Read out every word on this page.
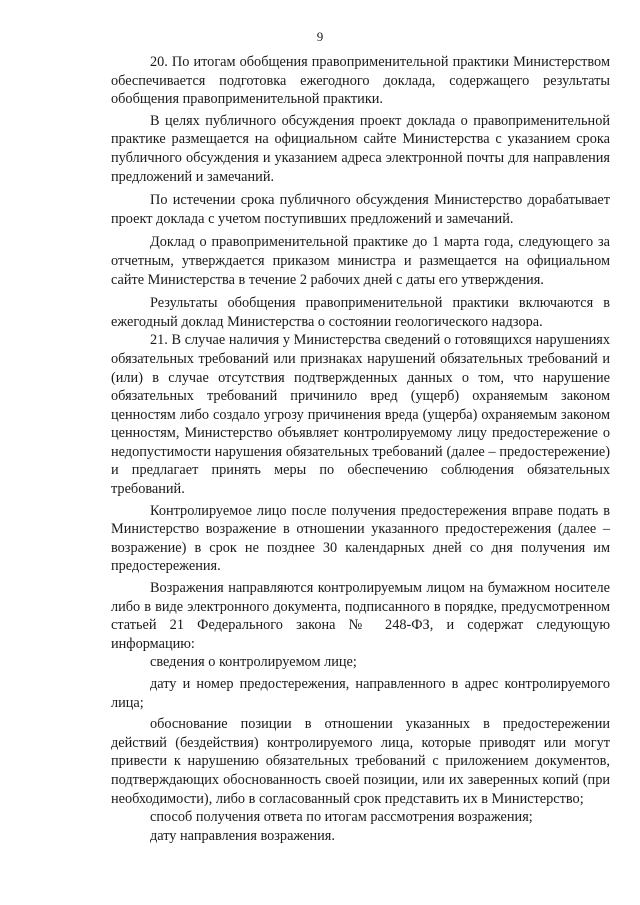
9

20. По итогам обобщения правоприменительной практики Министерством обеспечивается подготовка ежегодного доклада, содержащего результаты обобщения правоприменительной практики.

В целях публичного обсуждения проект доклада о правоприменительной практике размещается на официальном сайте Министерства с указанием срока публичного обсуждения и указанием адреса электронной почты для направления предложений и замечаний.

По истечении срока публичного обсуждения Министерство дорабатывает проект доклада с учетом поступивших предложений и замечаний.

Доклад о правоприменительной практике до 1 марта года, следующего за отчетным, утверждается приказом министра и размещается на официальном сайте Министерства в течение 2 рабочих дней с даты его утверждения.

Результаты обобщения правоприменительной практики включаются в ежегодный доклад Министерства о состоянии геологического надзора.

21. В случае наличия у Министерства сведений о готовящихся нарушениях обязательных требований или признаках нарушений обязательных требований и (или) в случае отсутствия подтвержденных данных о том, что нарушение обязательных требований причинило вред (ущерб) охраняемым законом ценностям либо создало угрозу причинения вреда (ущерба) охраняемым законом ценностям, Министерство объявляет контролируемому лицу предостережение о недопустимости нарушения обязательных требований (далее – предостережение) и предлагает принять меры по обеспечению соблюдения обязательных требований.

Контролируемое лицо после получения предостережения вправе подать в Министерство возражение в отношении указанного предостережения (далее – возражение) в срок не позднее 30 календарных дней со дня получения им предостережения.

Возражения направляются контролируемым лицом на бумажном носителе либо в виде электронного документа, подписанного в порядке, предусмотренном статьей 21 Федерального закона № 248-ФЗ, и содержат следующую информацию:

сведения о контролируемом лице;

дату и номер предостережения, направленного в адрес контролируемого лица;

обоснование позиции в отношении указанных в предостережении действий (бездействия) контролируемого лица, которые приводят или могут привести к нарушению обязательных требований с приложением документов, подтверждающих обоснованность своей позиции, или их заверенных копий (при необходимости), либо в согласованный срок представить их в Министерство;

способ получения ответа по итогам рассмотрения возражения;

дату направления возражения.
